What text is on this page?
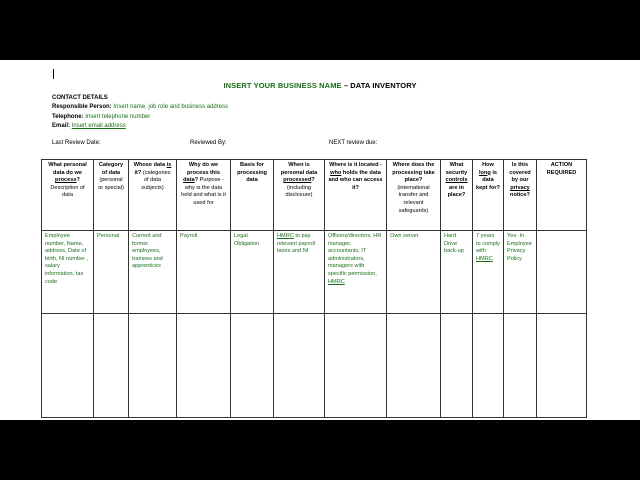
INSERT YOUR BUSINESS NAME – DATA INVENTORY
CONTACT DETAILS
Responsible Person: Insert name, job role and business address
Telephone: Insert telephone number
Email: Insert email address
Last Review Date:	Reviewed By:	NEXT review due:
What personal data do we process? Description of data	Category of data (personal or special)	Whose data is it? (categories of data subjects)	Why do we process this data? Purpose - why is the data held and what is it used for	Basis for processing data	When is personal data processed? (including disclosure)	Where is it located - who holds the data and who can access it?	Where does the processing take place? (international transfer and relevant safeguards)	What security controls are in place?	How long is data kept for?	Is this covered by our privacy notice?	ACTION REQUIRED
Employee number, Name, address, Date of birth, NI number , salary information, tax code	Personal	Current and former employees, trainees and apprentices	Payroll	Legal Obligation	HMRC to pay relevant payroll taxes and NI	Officers/directors, HR manager, accountants, IT administrators, managers with specific permission, HMRC	Own server	Hard Drive back-up	7 years to comply with HMRC	Yes- In Employee Privacy Policy	
